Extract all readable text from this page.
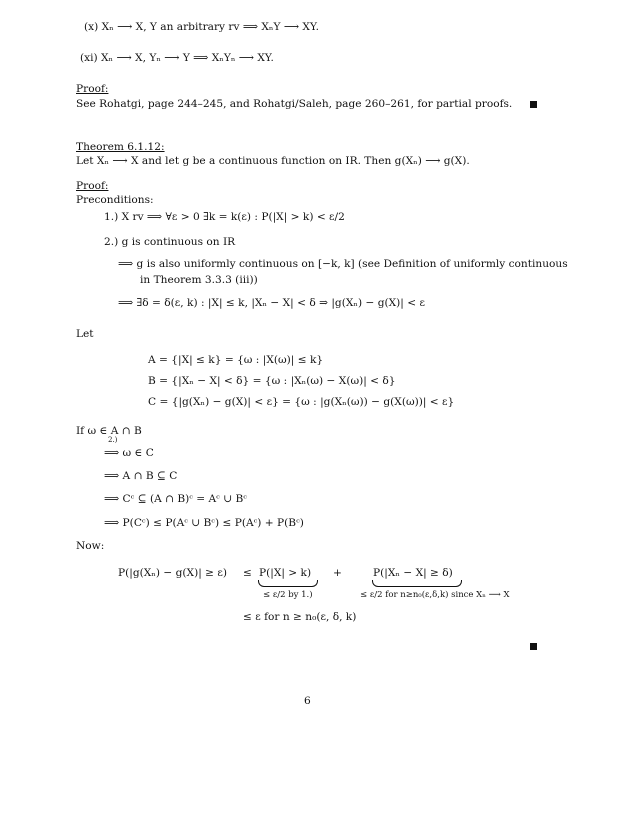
(x) Xₙ ⟶ X, Y an arbitrary rv ⟹ XₙY ⟶ XY.
(xi) Xₙ ⟶ X, Yₙ ⟶ Y ⟹ XₙYₙ ⟶ XY.
Proof:
See Rohatgi, page 244–245, and Rohatgi/Saleh, page 260–261, for partial proofs.
Theorem 6.1.12:
Let Xₙ ⟶ X and let g be a continuous function on IR. Then g(Xₙ) ⟶ g(X).
Proof:
Preconditions:
1.) X rv ⟹ ∀ε > 0 ∃k = k(ε) : P(|X| > k) < ε/2
2.) g is continuous on IR
⟹ g is also uniformly continuous on [−k, k] (see Definition of uniformly continuous
in Theorem 3.3.3 (iii))
⟹ ∃δ = δ(ε, k) : |X| ≤ k, |Xₙ − X| < δ ⇒ |g(Xₙ) − g(X)| < ε
Let
A = {|X| ≤ k} = {ω : |X(ω)| ≤ k}
B = {|Xₙ − X| < δ} = {ω : |Xₙ(ω) − X(ω)| < δ}
C = {|g(Xₙ) − g(X)| < ε} = {ω : |g(Xₙ(ω)) − g(X(ω))| < ε}
If ω ∈ A ∩ B
2.)
⟹ ω ∈ C
⟹ A ∩ B ⊆ C
⟹ Cᶜ ⊆ (A ∩ B)ᶜ = Aᶜ ∪ Bᶜ
⟹ P(Cᶜ) ≤ P(Aᶜ ∪ Bᶜ) ≤ P(Aᶜ) + P(Bᶜ)
Now:
P(|g(Xₙ) − g(X)| ≥ ε) ≤ P(|X| > k) +	P(|Xₙ − X| ≥ δ)
≤ ε/2 by 1.)	≤ ε/2 for n≥n₀(ε,δ,k) since Xₙ ⟶ X
≤ ε for n ≥ n₀(ε, δ, k)
6
